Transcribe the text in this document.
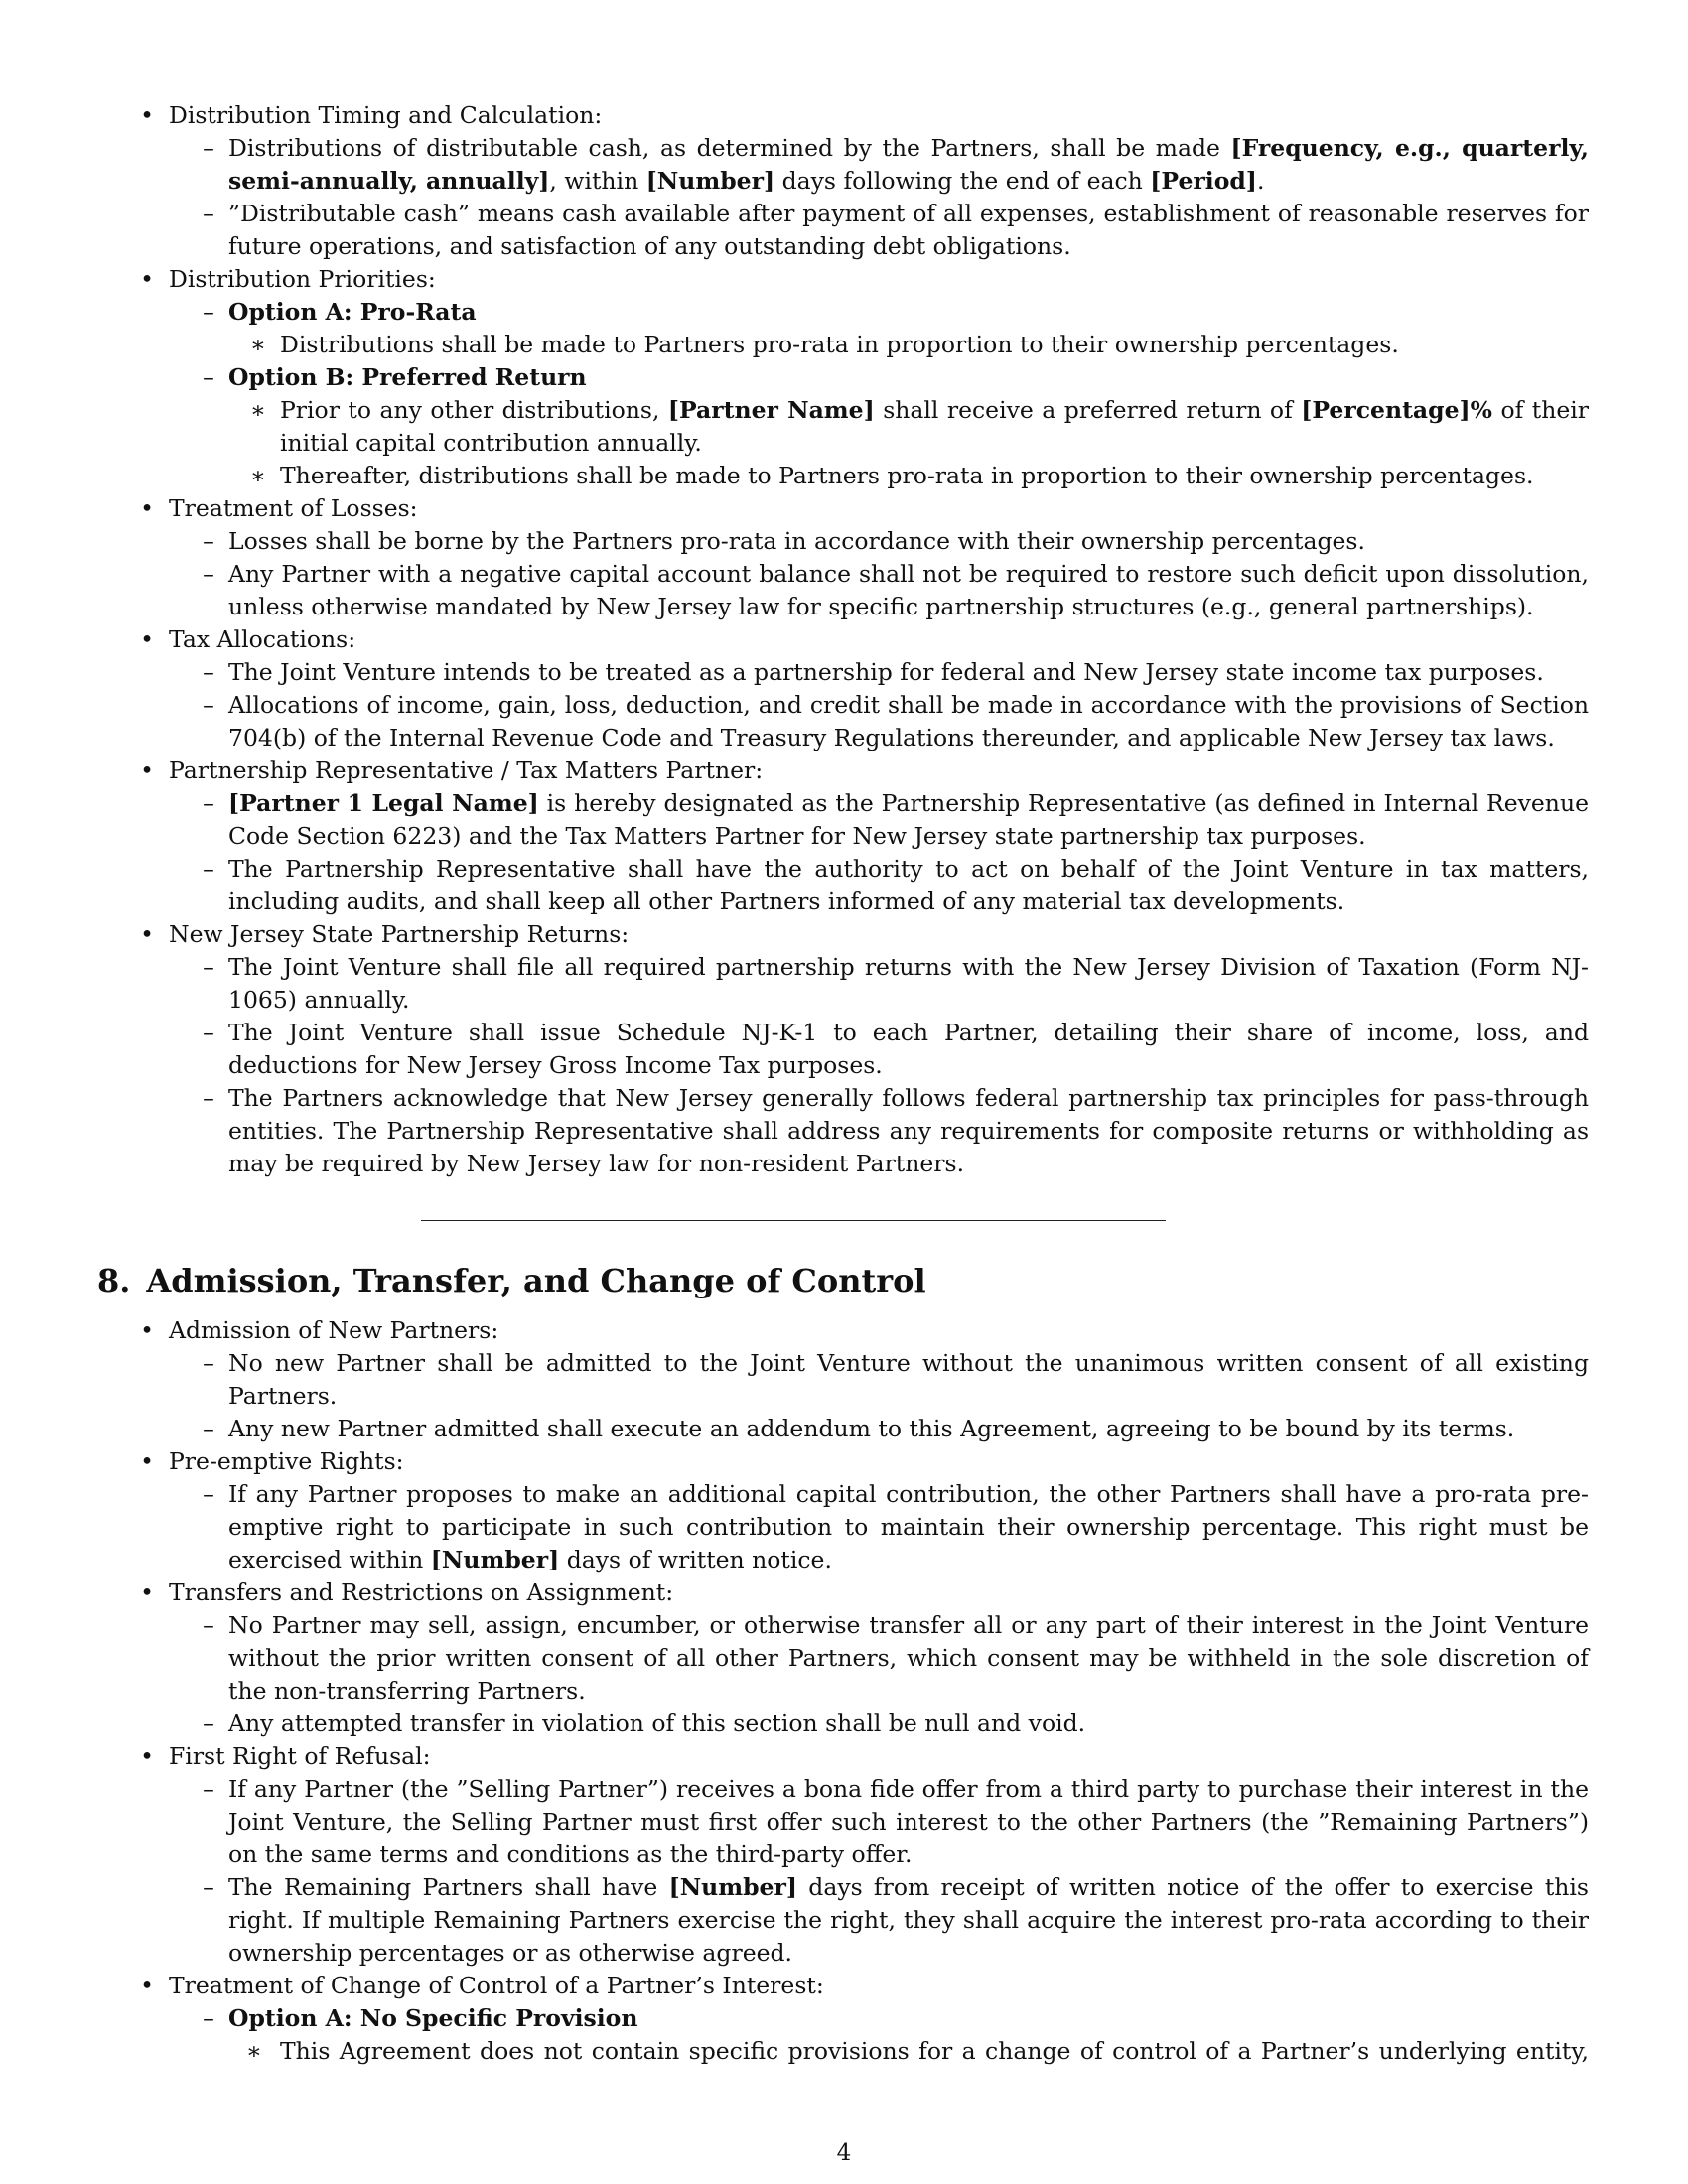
• Distribution Timing and Calculation:
– Distributions of distributable cash, as determined by the Partners, shall be made [Frequency, e.g., quarterly, semi-annually, annually], within [Number] days following the end of each [Period].
– ”Distributable cash” means cash available after payment of all expenses, establishment of reasonable reserves for future operations, and satisfaction of any outstanding debt obligations.
• Distribution Priorities:
– Option A: Pro-Rata
∗ Distributions shall be made to Partners pro-rata in proportion to their ownership percentages.
– Option B: Preferred Return
∗ Prior to any other distributions, [Partner Name] shall receive a preferred return of [Percentage]% of their initial capital contribution annually.
∗ Thereafter, distributions shall be made to Partners pro-rata in proportion to their ownership percentages.
• Treatment of Losses:
– Losses shall be borne by the Partners pro-rata in accordance with their ownership percentages.
– Any Partner with a negative capital account balance shall not be required to restore such deficit upon dissolution, unless otherwise mandated by New Jersey law for specific partnership structures (e.g., general partnerships).
• Tax Allocations:
– The Joint Venture intends to be treated as a partnership for federal and New Jersey state income tax purposes.
– Allocations of income, gain, loss, deduction, and credit shall be made in accordance with the provisions of Section 704(b) of the Internal Revenue Code and Treasury Regulations thereunder, and applicable New Jersey tax laws.
• Partnership Representative / Tax Matters Partner:
– [Partner 1 Legal Name] is hereby designated as the Partnership Representative (as defined in Internal Revenue Code Section 6223) and the Tax Matters Partner for New Jersey state partnership tax purposes.
– The Partnership Representative shall have the authority to act on behalf of the Joint Venture in tax matters, including audits, and shall keep all other Partners informed of any material tax developments.
• New Jersey State Partnership Returns:
– The Joint Venture shall file all required partnership returns with the New Jersey Division of Taxation (Form NJ-1065) annually.
– The Joint Venture shall issue Schedule NJ-K-1 to each Partner, detailing their share of income, loss, and deductions for New Jersey Gross Income Tax purposes.
– The Partners acknowledge that New Jersey generally follows federal partnership tax principles for pass-through entities. The Partnership Representative shall address any requirements for composite returns or withholding as may be required by New Jersey law for non-resident Partners.
8. Admission, Transfer, and Change of Control
• Admission of New Partners:
– No new Partner shall be admitted to the Joint Venture without the unanimous written consent of all existing Partners.
– Any new Partner admitted shall execute an addendum to this Agreement, agreeing to be bound by its terms.
• Pre-emptive Rights:
– If any Partner proposes to make an additional capital contribution, the other Partners shall have a pro-rata pre-emptive right to participate in such contribution to maintain their ownership percentage. This right must be exercised within [Number] days of written notice.
• Transfers and Restrictions on Assignment:
– No Partner may sell, assign, encumber, or otherwise transfer all or any part of their interest in the Joint Venture without the prior written consent of all other Partners, which consent may be withheld in the sole discretion of the non-transferring Partners.
– Any attempted transfer in violation of this section shall be null and void.
• First Right of Refusal:
– If any Partner (the ”Selling Partner”) receives a bona fide offer from a third party to purchase their interest in the Joint Venture, the Selling Partner must first offer such interest to the other Partners (the ”Remaining Partners”) on the same terms and conditions as the third-party offer.
– The Remaining Partners shall have [Number] days from receipt of written notice of the offer to exercise this right. If multiple Remaining Partners exercise the right, they shall acquire the interest pro-rata according to their ownership percentages or as otherwise agreed.
• Treatment of Change of Control of a Partner’s Interest:
– Option A: No Specific Provision
∗ This Agreement does not contain specific provisions for a change of control of a Partner’s underlying entity,
4
